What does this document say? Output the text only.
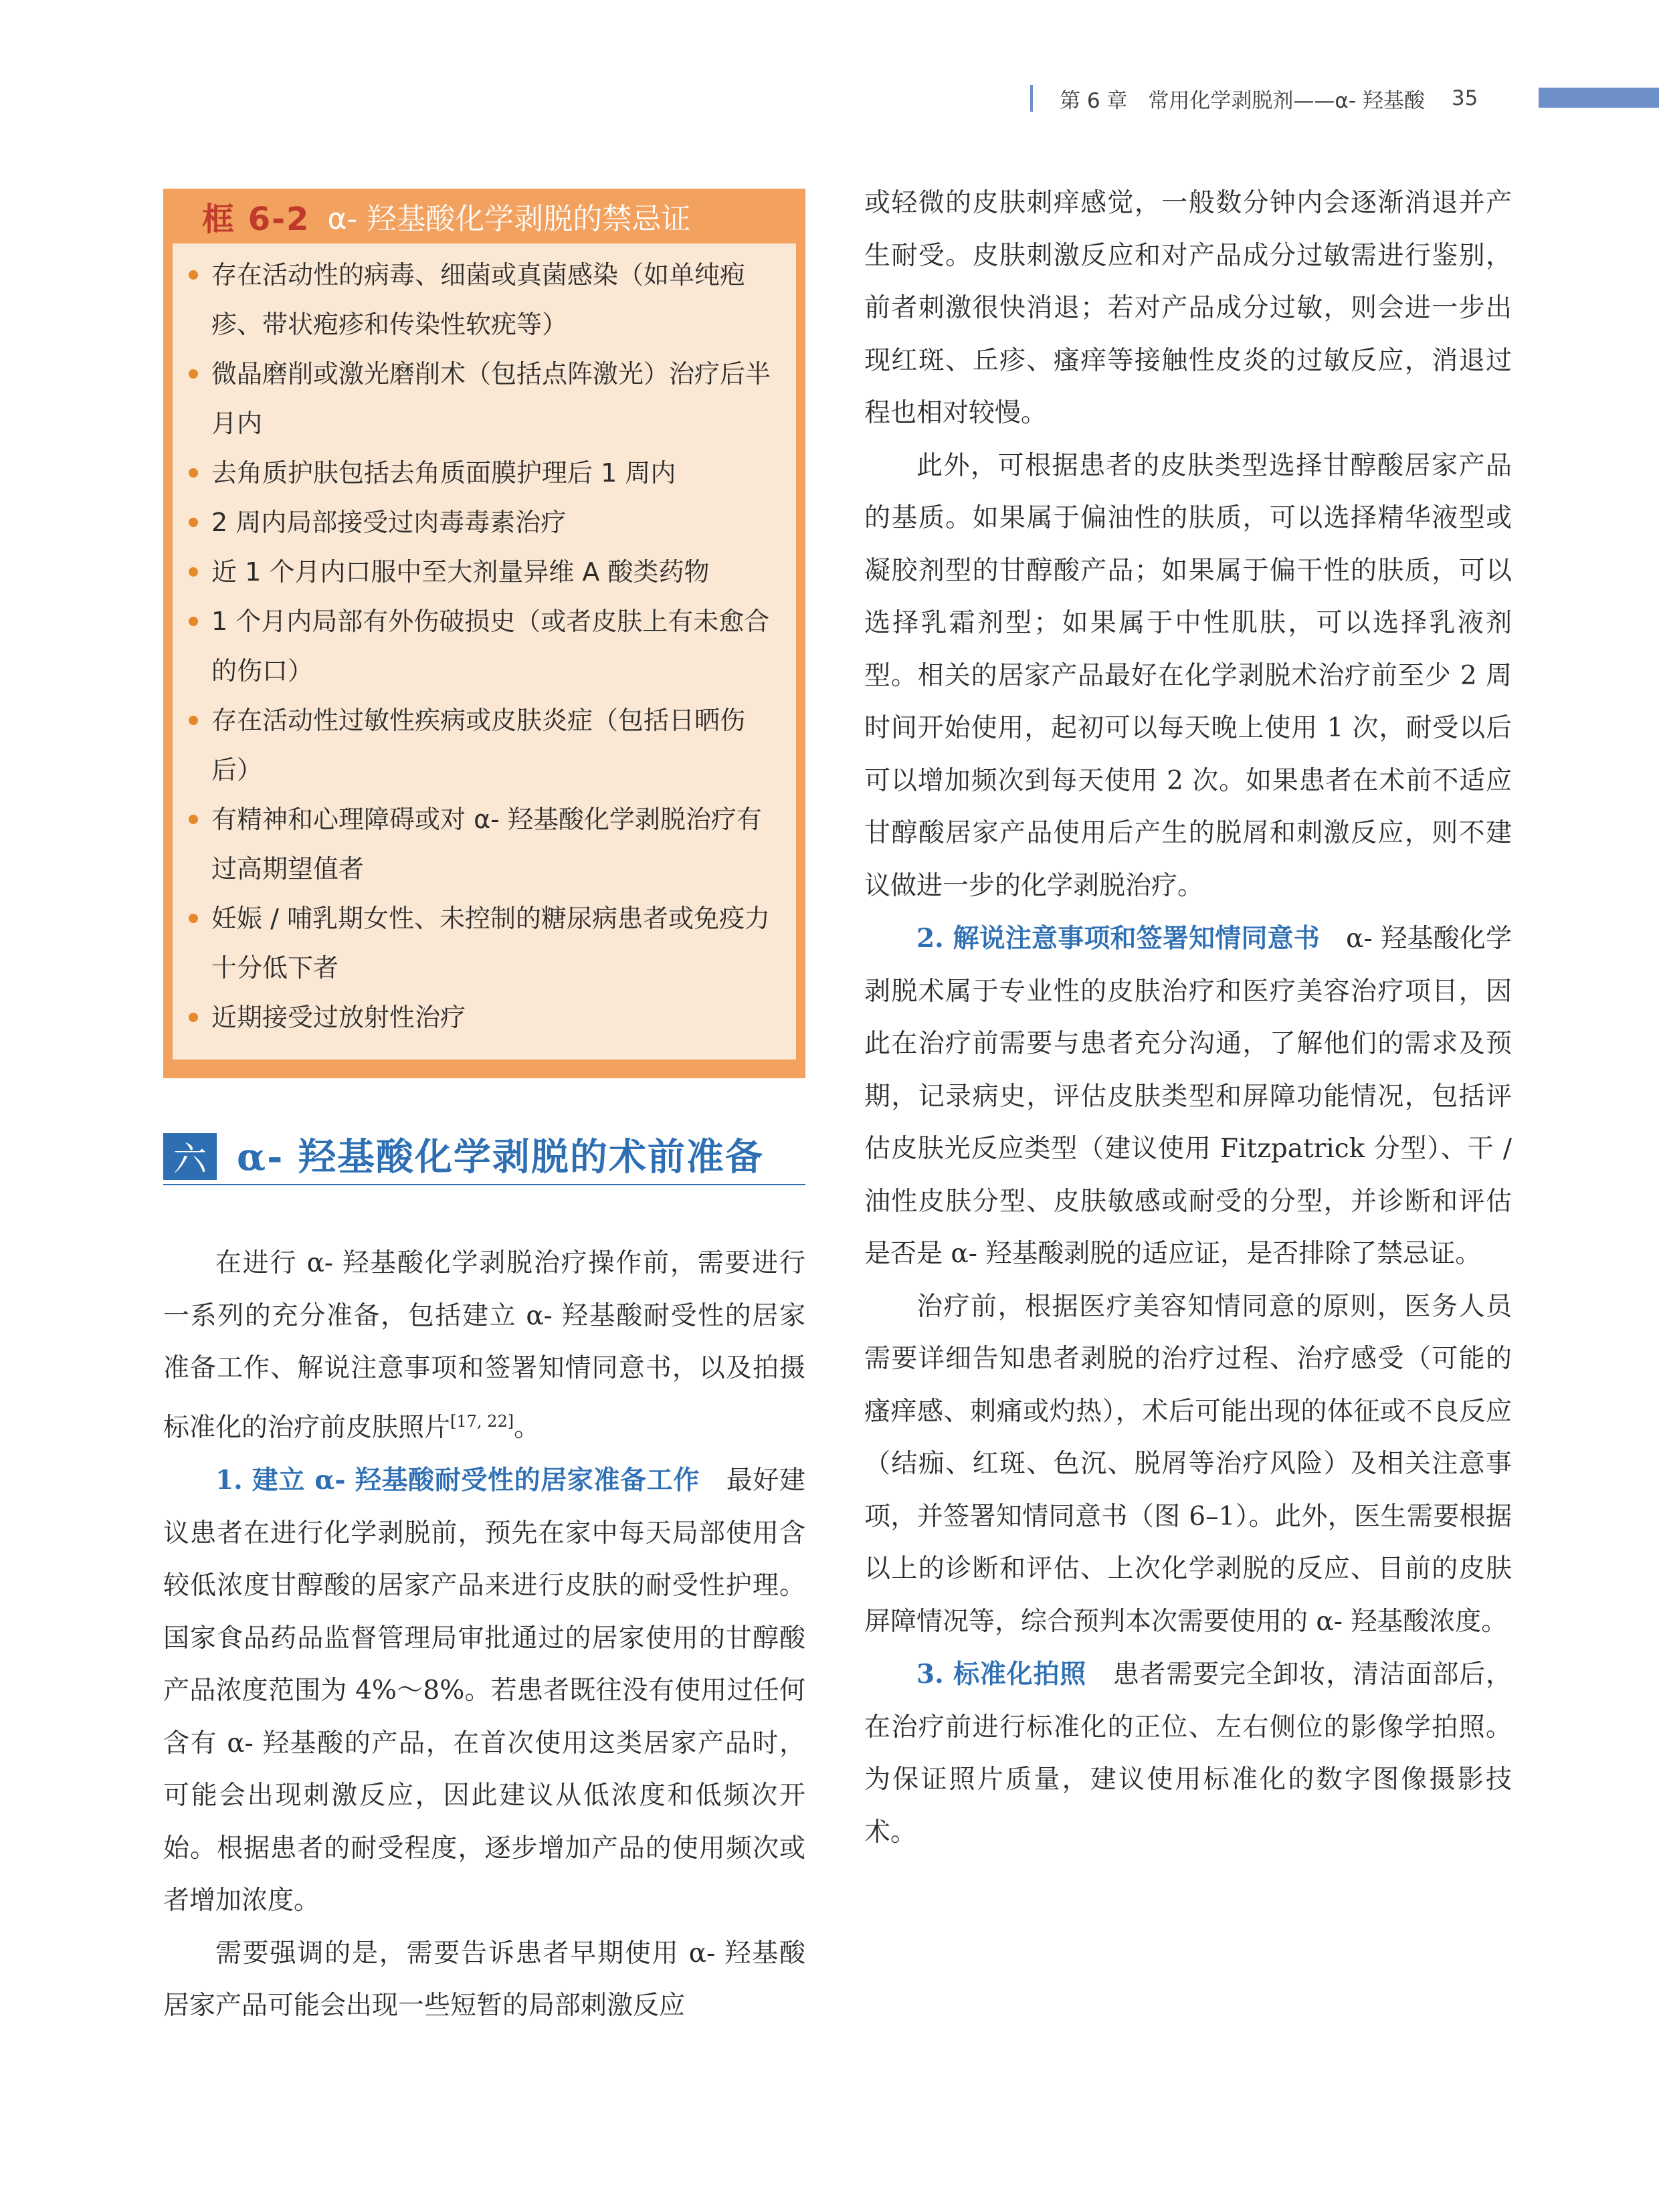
第 6 章　常用化学剥脱剂——α- 羟基酸 35
框 6-2 α- 羟基酸化学剥脱的禁忌证
存在活动性的病毒、细菌或真菌感染（如单纯疱疹、带状疱疹和传染性软疣等）
微晶磨削或激光磨削术（包括点阵激光）治疗后半月内
去角质护肤包括去角质面膜护理后 1 周内
2 周内局部接受过肉毒毒素治疗
近 1 个月内口服中至大剂量异维 A 酸类药物
1 个月内局部有外伤破损史（或者皮肤上有未愈合的伤口）
存在活动性过敏性疾病或皮肤炎症（包括日晒伤后）
有精神和心理障碍或对 α- 羟基酸化学剥脱治疗有过高期望值者
妊娠 / 哺乳期女性、未控制的糖尿病患者或免疫力十分低下者
近期接受过放射性治疗
六 α- 羟基酸化学剥脱的术前准备

在进行 α- 羟基酸化学剥脱治疗操作前，需要进行一系列的充分准备，包括建立 α- 羟基酸耐受性的居家准备工作、解说注意事项和签署知情同意书，以及拍摄标准化的治疗前皮肤照片[17, 22]。

1. 建立 α- 羟基酸耐受性的居家准备工作　 最好建议患者在进行化学剥脱前，预先在家中每天局部使用含较低浓度甘醇酸的居家产品来进行皮肤的耐受性护理。国家食品药品监督管理局审批通过的居家使用的甘醇酸产品浓度范围为 4%～8%。若患者既往没有使用过任何含有 α- 羟基酸的产品，在首次使用这类居家产品时，可能会出现刺激反应，因此建议从低浓度和低频次开始。根据患者的耐受程度，逐步增加产品的使用频次或者增加浓度。

需要强调的是，需要告诉患者早期使用 α- 羟基酸居家产品可能会出现一些短暂的局部刺激反应

或轻微的皮肤刺痒感觉，一般数分钟内会逐渐消退并产生耐受。皮肤刺激反应和对产品成分过敏需进行鉴别，前者刺激很快消退；若对产品成分过敏，则会进一步出现红斑、丘疹、瘙痒等接触性皮炎的过敏反应，消退过程也相对较慢。

此外，可根据患者的皮肤类型选择甘醇酸居家产品的基质。如果属于偏油性的肤质，可以选择精华液型或凝胶剂型的甘醇酸产品；如果属于偏干性的肤质，可以选择乳霜剂型；如果属于中性肌肤，可以选择乳液剂型。相关的居家产品最好在化学剥脱术治疗前至少 2 周时间开始使用，起初可以每天晚上使用 1 次，耐受以后可以增加频次到每天使用 2 次。如果患者在术前不适应甘醇酸居家产品使用后产生的脱屑和刺激反应，则不建议做进一步的化学剥脱治疗。

2. 解说注意事项和签署知情同意书　 α- 羟基酸化学剥脱术属于专业性的皮肤治疗和医疗美容治疗项目，因此在治疗前需要与患者充分沟通，了解他们的需求及预期，记录病史，评估皮肤类型和屏障功能情况，包括评估皮肤光反应类型（建议使用 Fitzpatrick 分型）、干 / 油性皮肤分型、皮肤敏感或耐受的分型，并诊断和评估是否是 α- 羟基酸剥脱的适应证，是否排除了禁忌证。

治疗前，根据医疗美容知情同意的原则，医务人员需要详细告知患者剥脱的治疗过程、治疗感受（可能的瘙痒感、刺痛或灼热），术后可能出现的体征或不良反应（结痂、红斑、色沉、脱屑等治疗风险）及相关注意事项，并签署知情同意书（图 6–1）。此外，医生需要根据以上的诊断和评估、上次化学剥脱的反应、目前的皮肤屏障情况等，综合预判本次需要使用的 α- 羟基酸浓度。

3. 标准化拍照　 患者需要完全卸妆，清洁面部后，在治疗前进行标准化的正位、左右侧位的影像学拍照。为保证照片质量，建议使用标准化的数字图像摄影技术。
